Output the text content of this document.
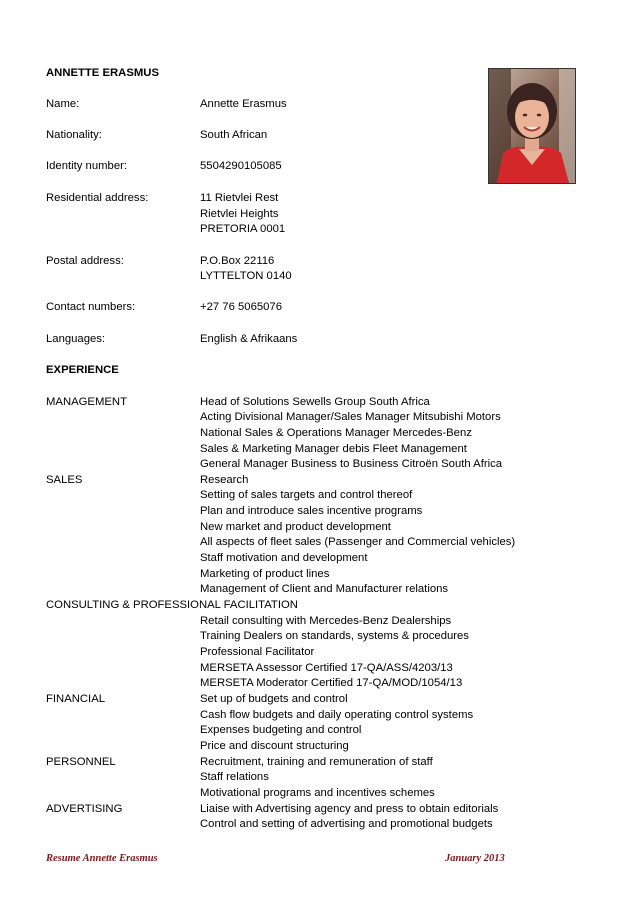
ANNETTE ERASMUS
Name:	Annette Erasmus
Nationality:	South African
Identity number:	5504290105085
Residential address:	11 Rietvlei Rest
Rietvlei Heights
PRETORIA 0001
Postal address:	P.O.Box 22116
LYTTELTON 0140
Contact numbers:	+27 76 5065076
Languages:	English & Afrikaans
EXPERIENCE
MANAGEMENT	Head of Solutions Sewells Group South Africa
Acting Divisional Manager/Sales Manager Mitsubishi Motors
National Sales & Operations Manager Mercedes-Benz
Sales & Marketing Manager debis Fleet Management
General Manager Business to Business Citroën South Africa
SALES	Research
Setting of sales targets and control thereof
Plan and introduce sales incentive programs
New market and product development
All aspects of fleet sales (Passenger and Commercial vehicles)
Staff motivation and development
Marketing of product lines
Management of Client and Manufacturer relations
CONSULTING & PROFESSIONAL FACILITATION
Retail consulting with Mercedes-Benz Dealerships
Training Dealers on standards, systems & procedures
Professional Facilitator
MERSETA Assessor Certified 17-QA/ASS/4203/13
MERSETA Moderator Certified 17-QA/MOD/1054/13
FINANCIAL	Set up of budgets and control
Cash flow budgets and daily operating control systems
Expenses budgeting and control
Price and discount structuring
PERSONNEL	Recruitment, training and remuneration of staff
Staff relations
Motivational programs and incentives schemes
ADVERTISING	Liaise with Advertising agency and press to obtain editorials
Control and setting of advertising and promotional budgets
Resume Annette Erasmus	January 2013
